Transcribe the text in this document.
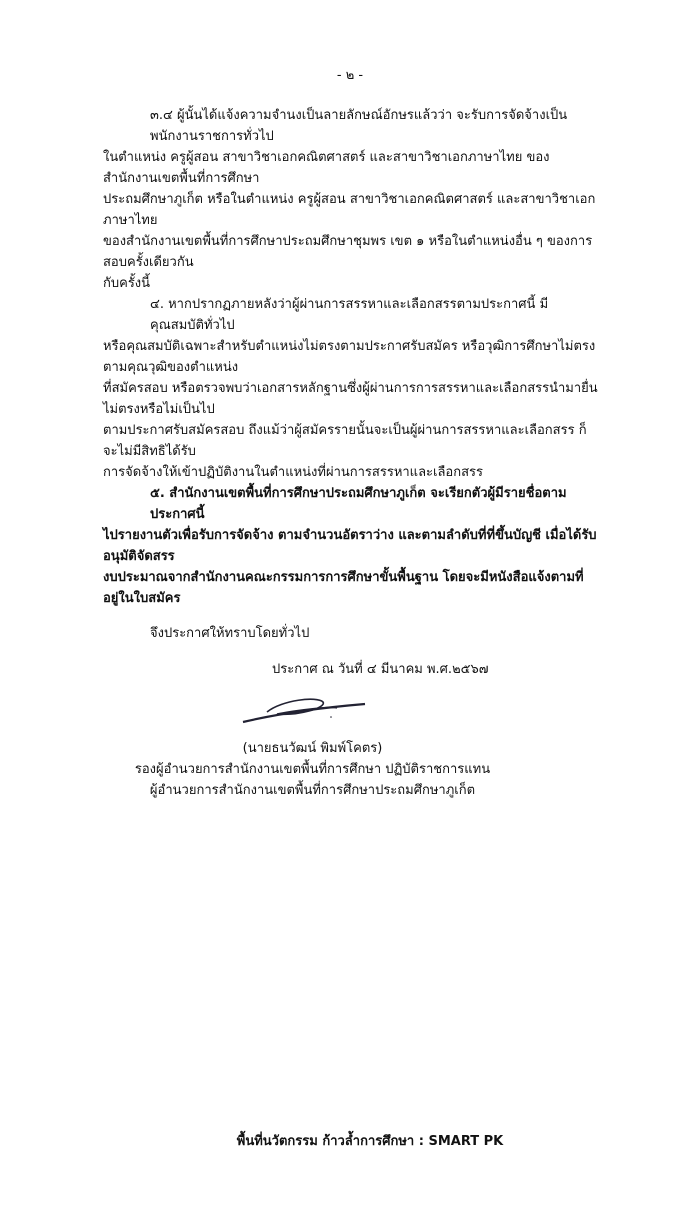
- ๒ -
๓.๔ ผู้นั้นได้แจ้งความจำนงเป็นลายลักษณ์อักษรแล้วว่า จะรับการจัดจ้างเป็นพนักงานราชการทั่วไป
ในตำแหน่ง ครูผู้สอน สาขาวิชาเอกคณิตศาสตร์ และสาขาวิชาเอกภาษาไทย ของสำนักงานเขตพื้นที่การศึกษา
ประถมศึกษาภูเก็ต หรือในตำแหน่ง ครูผู้สอน สาขาวิชาเอกคณิตศาสตร์ และสาขาวิชาเอกภาษาไทย
ของสำนักงานเขตพื้นที่การศึกษาประถมศึกษาชุมพร เขต ๑ หรือในตำแหน่งอื่น ๆ ของการสอบครั้งเดียวกัน
กับครั้งนี้
๔. หากปรากฏภายหลังว่าผู้ผ่านการสรรหาและเลือกสรรตามประกาศนี้ มีคุณสมบัติทั่วไป
หรือคุณสมบัติเฉพาะสำหรับตำแหน่งไม่ตรงตามประกาศรับสมัคร หรือวุฒิการศึกษาไม่ตรงตามคุณวุฒิของตำแหน่ง
ที่สมัครสอบ หรือตรวจพบว่าเอกสารหลักฐานซึ่งผู้ผ่านการการสรรหาและเลือกสรรนำมายื่นไม่ตรงหรือไม่เป็นไป
ตามประกาศรับสมัครสอบ ถึงแม้ว่าผู้สมัครรายนั้นจะเป็นผู้ผ่านการสรรหาและเลือกสรร ก็จะไม่มีสิทธิได้รับ
การจัดจ้างให้เข้าปฏิบัติงานในตำแหน่งที่ผ่านการสรรหาและเลือกสรร
๕. สำนักงานเขตพื้นที่การศึกษาประถมศึกษาภูเก็ต จะเรียกตัวผู้มีรายชื่อตามประกาศนี้
ไปรายงานตัวเพื่อรับการจัดจ้าง ตามจำนวนอัตราว่าง และตามลำดับที่ที่ขึ้นบัญชี เมื่อได้รับอนุมัติจัดสรร
งบประมาณจากสำนักงานคณะกรรมการการศึกษาขั้นพื้นฐาน โดยจะมีหนังสือแจ้งตามที่อยู่ในใบสมัคร
จึงประกาศให้ทราบโดยทั่วไป
ประกาศ ณ วันที่ ๔ มีนาคม พ.ศ.๒๕๖๗
(นายธนวัฒน์ พิมพ์โคตร)
รองผู้อำนวยการสำนักงานเขตพื้นที่การศึกษา ปฏิบัติราชการแทน
ผู้อำนวยการสำนักงานเขตพื้นที่การศึกษาประถมศึกษาภูเก็ต
พื้นที่นวัตกรรม ก้าวล้ำการศึกษา : SMART PK
